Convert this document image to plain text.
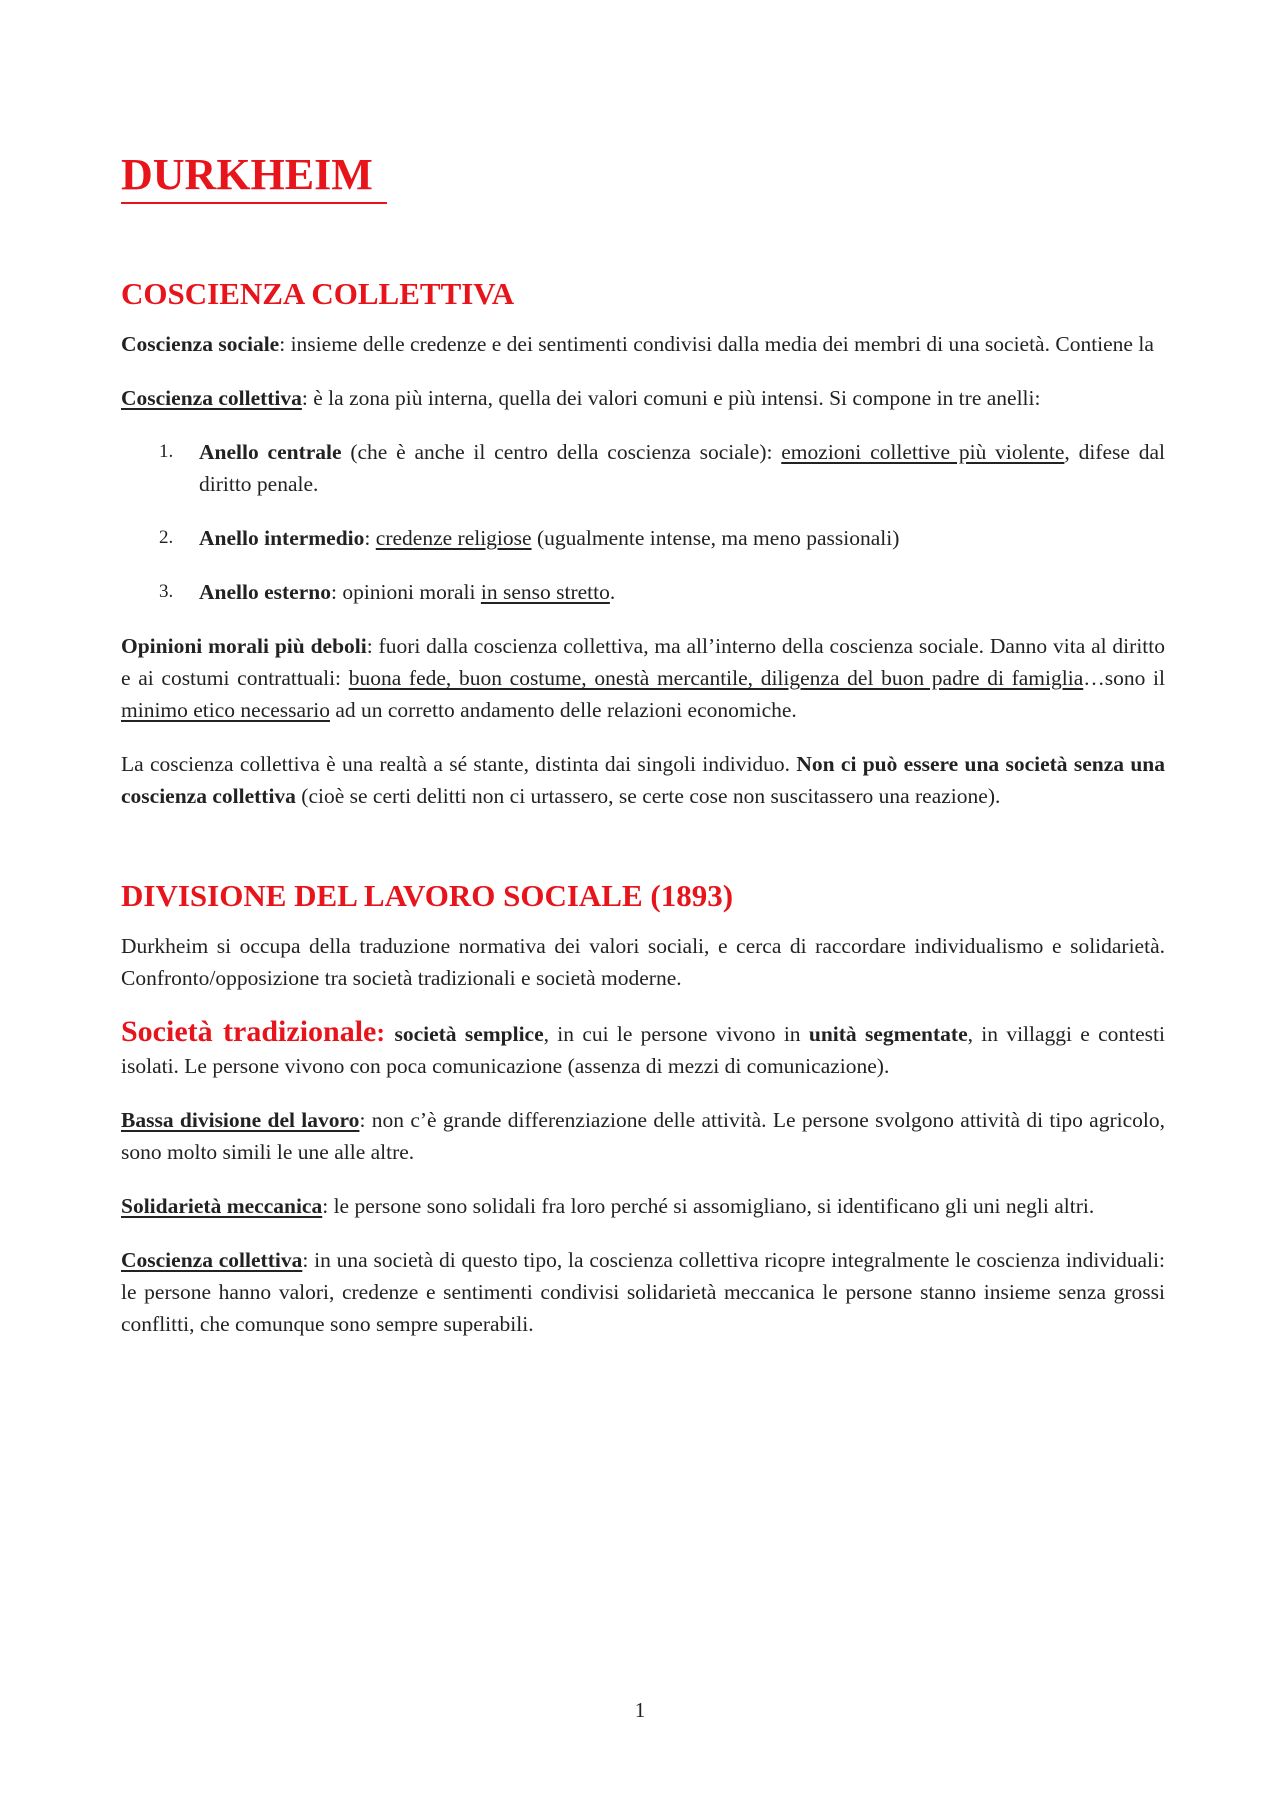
DURKHEIM
COSCIENZA COLLETTIVA

Coscienza sociale: insieme delle credenze e dei sentimenti condivisi dalla media dei membri di una società. Contiene la

Coscienza collettiva: è la zona più interna, quella dei valori comuni e più intensi. Si compone in tre anelli:

1. Anello centrale (che è anche il centro della coscienza sociale): emozioni collettive più violente, difese dal diritto penale.
2. Anello intermedio: credenze religiose (ugualmente intense, ma meno passionali)
3. Anello esterno: opinioni morali in senso stretto.

Opinioni morali più deboli: fuori dalla coscienza collettiva, ma all’interno della coscienza sociale. Danno vita al diritto e ai costumi contrattuali: buona fede, buon costume, onestà mercantile, diligenza del buon padre di famiglia…sono il minimo etico necessario ad un corretto andamento delle relazioni economiche.

La coscienza collettiva è una realtà a sé stante, distinta dai singoli individuo. Non ci può essere una società senza una coscienza collettiva (cioè se certi delitti non ci urtassero, se certe cose non suscitassero una reazione).

DIVISIONE DEL LAVORO SOCIALE (1893)

Durkheim si occupa della traduzione normativa dei valori sociali, e cerca di raccordare individualismo e solidarietà. Confronto/opposizione tra società tradizionali e società moderne.

Società tradizionale: società semplice, in cui le persone vivono in unità segmentate, in villaggi e contesti isolati. Le persone vivono con poca comunicazione (assenza di mezzi di comunicazione).

Bassa divisione del lavoro: non c’è grande differenziazione delle attività. Le persone svolgono attività di tipo agricolo, sono molto simili le une alle altre.

Solidarietà meccanica: le persone sono solidali fra loro perché si assomigliano, si identificano gli uni negli altri.

Coscienza collettiva: in una società di questo tipo, la coscienza collettiva ricopre integralmente le coscienza individuali: le persone hanno valori, credenze e sentimenti condivisi solidarietà meccanica le persone stanno insieme senza grossi conflitti, che comunque sono sempre superabili.

1
